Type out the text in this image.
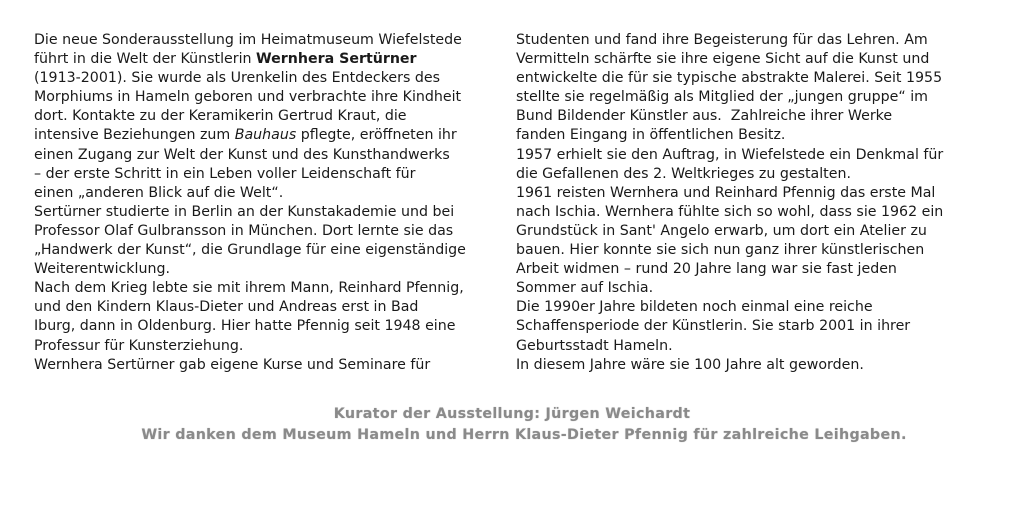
Die neue Sonderausstellung im Heimatmuseum Wiefelstede
führt in die Welt der Künstlerin Wernhera Sertürner
(1913-2001). Sie wurde als Urenkelin des Entdeckers des
Morphiums in Hameln geboren und verbrachte ihre Kindheit
dort. Kontakte zu der Keramikerin Gertrud Kraut, die
intensive Beziehungen zum Bauhaus pflegte, eröffneten ihr
einen Zugang zur Welt der Kunst und des Kunsthandwerks
– der erste Schritt in ein Leben voller Leidenschaft für
einen „anderen Blick auf die Welt“.
Sertürner studierte in Berlin an der Kunstakademie und bei
Professor Olaf Gulbransson in München. Dort lernte sie das
„Handwerk der Kunst“, die Grundlage für eine eigenständige
Weiterentwicklung.
Nach dem Krieg lebte sie mit ihrem Mann, Reinhard Pfennig,
und den Kindern Klaus-Dieter und Andreas erst in Bad
Iburg, dann in Oldenburg. Hier hatte Pfennig seit 1948 eine
Professur für Kunsterziehung.
Wernhera Sertürner gab eigene Kurse und Seminare für
Studenten und fand ihre Begeisterung für das Lehren. Am
Vermitteln schärfte sie ihre eigene Sicht auf die Kunst und
entwickelte die für sie typische abstrakte Malerei. Seit 1955
stellte sie regelmäßig als Mitglied der „jungen gruppe“ im
Bund Bildender Künstler aus.  Zahlreiche ihrer Werke
fanden Eingang in öffentlichen Besitz.
1957 erhielt sie den Auftrag, in Wiefelstede ein Denkmal für
die Gefallenen des 2. Weltkrieges zu gestalten.
1961 reisten Wernhera und Reinhard Pfennig das erste Mal
nach Ischia. Wernhera fühlte sich so wohl, dass sie 1962 ein
Grundstück in Sant' Angelo erwarb, um dort ein Atelier zu
bauen. Hier konnte sie sich nun ganz ihrer künstlerischen
Arbeit widmen – rund 20 Jahre lang war sie fast jeden
Sommer auf Ischia.
Die 1990er Jahre bildeten noch einmal eine reiche
Schaffensperiode der Künstlerin. Sie starb 2001 in ihrer
Geburtsstadt Hameln.
In diesem Jahre wäre sie 100 Jahre alt geworden.
Kurator der Ausstellung: Jürgen Weichardt
Wir danken dem Museum Hameln und Herrn Klaus-Dieter Pfennig für zahlreiche Leihgaben.
